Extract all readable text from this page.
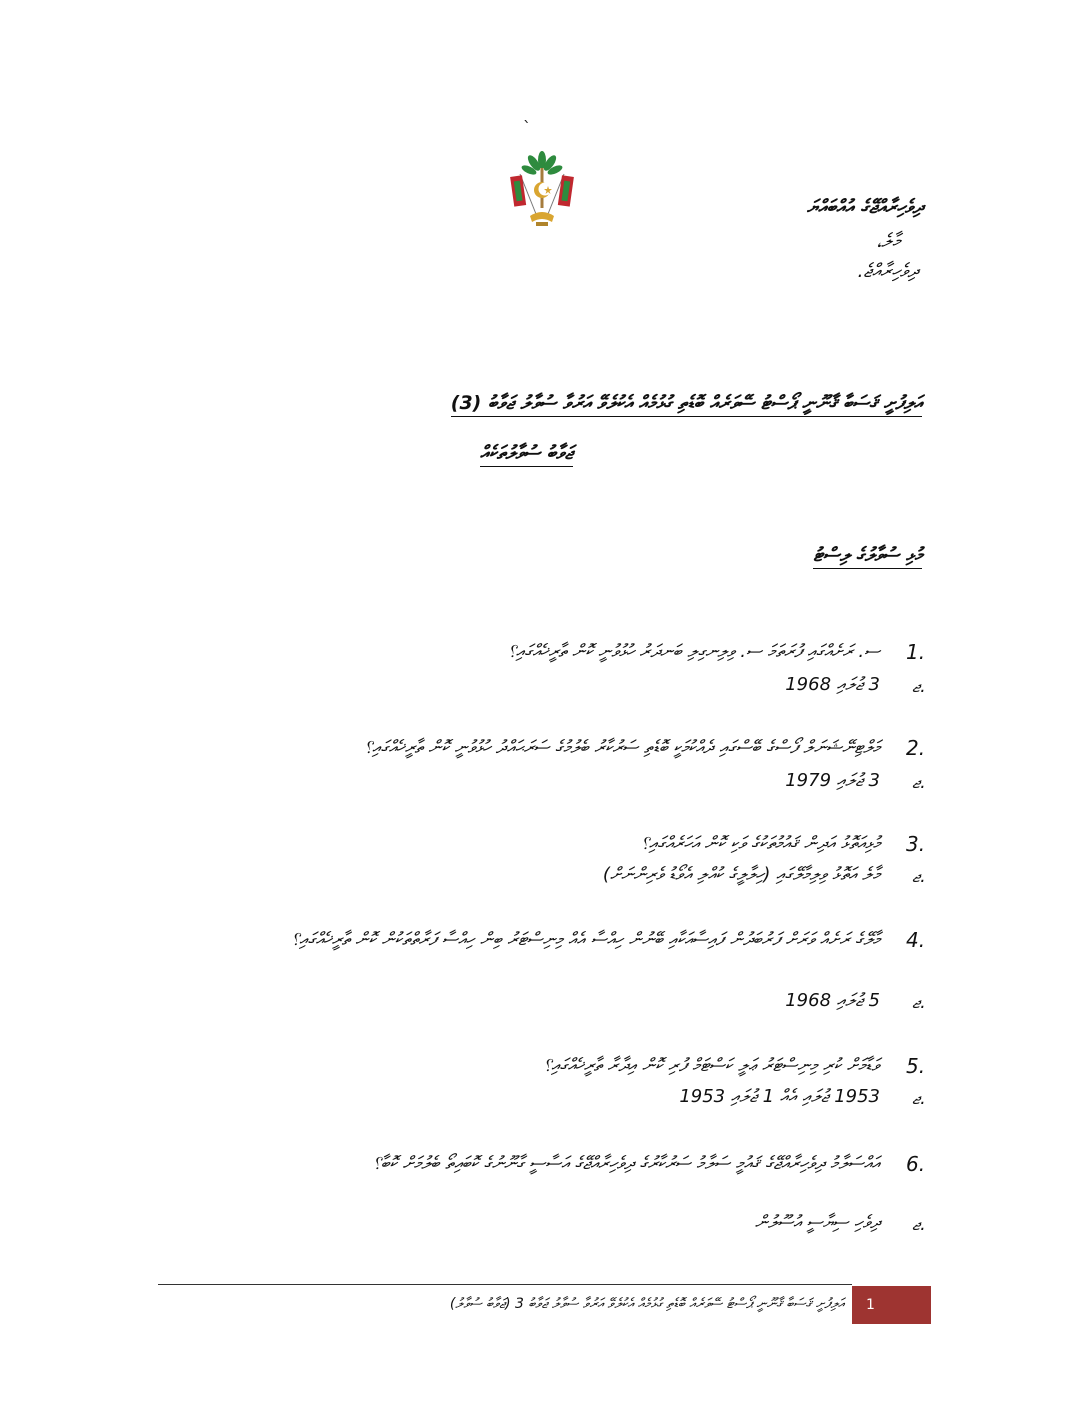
`
ދިވެހިރާއްޖޭގެ އުއްބައްޔަ
މާލެ،
ދިވެހިރާއްޖެ.
އަލިފުށީ ޤަސަބާ ޤާނޫނީ ޕޯސްޓު ސޭވަރެއް ބޮޑެތި ގުޅުމެއް އެކުލެވޭ އަރުވާ ސުވާލު ޖަވާބު (3)
ޖަވާބު ސުވާލުތަކެއް
މުޅި ސުވާލުގެ ލިސްޓު
1.
ސ. ރަށެއްގައި ފުރަތަމަ ސ. ވިލިނގިލި ބަނދަރު ހުޅުވުނީ ކޮން ތާރީޚެއްގައި؟
ޖ.
3 ޖުލައި 1968
2.
މަލްޓިނޭޝަނަލް ފޯސްގެ ބޭސްގައި ދެއްކުމަކީ ބޮޑެތި ސަރުކާރު ބެލުމުގެ ސަރަޙައްދު ހުޅުވުނީ ކޮން ތާރީޚެއްގައި؟
ޖ.
3 ޖުލައި 1979
3.
މުޅިއަތޮޅު އަދިން ޤައުމުތަކުގެ ވަކި ކޮން އަހަރެއްގައި؟
ޖ.
މާލެ އަތޮޅު ވިލިމާލޭގައި (ހިލާލީގެ ކުއްލި އެވޯޑު ވެރިންނަށް)
4.
މާލޭގެ ރަށެއް ވަރަށް ފަރުބަދުން ފައިސާއަކާއި ބޭނުން ހިއްސާ އެއް މިނިސްޓަރު ބިން ހިއްސާ ފަރާތްތަކުން ކޮން ތާރީޚެއްގައި؟
ޖ.
5 ޖުލައި 1968
5.
ވަޑާމަށް ކުރި މިނިސްޓަރު ޢަލީ ކަސްޓަމް ފުރި ކޮން އިދާރާ ތާރީޚެއްގައި؟
ޖ.
1953 ޖުލައި އެއް 1 ޖުލައި 1953
6.
އައްސަލާމު ދިވެހިރާއްޖޭގެ ޤައުމީ ސަލާމު ސަރުކާރުގެ ދިވެހިރާއްޖޭގެ އަސާސީ ގާނޫނުގެ ކޮބައިތޯ ބެލުމަށް ކޮބާ؟
ޖ.
ދިވެހި ސިޔާސީ އުސޫލުން
އަލިފުށީ ޤަސަބާ ޤާނޫނީ ޕޯސްޓު ސޭވަރެއް ބޮޑެތި ގުޅުމެއް އެކުލެވޭ އަރުވާ ސުވާލު ޖަވާބު 3 (ޖަވާބު ސުވާލު) 1
